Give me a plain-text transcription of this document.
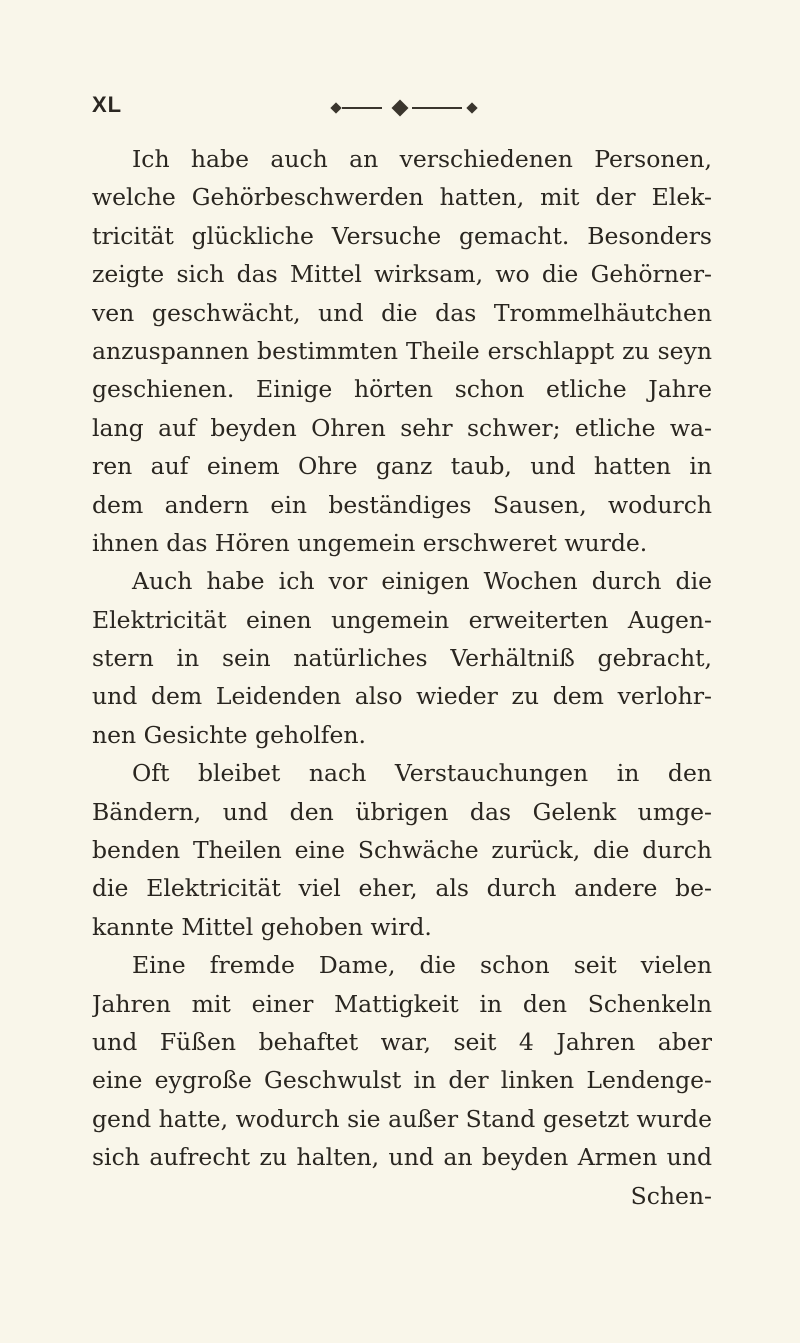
XL
Ich habe auch an verschiedenen Personen,
welche Gehörbeschwerden hatten, mit der Elek-
tricität glückliche Versuche gemacht. Besonders
zeigte sich das Mittel wirksam, wo die Gehörner-
ven geschwächt, und die das Trommelhäutchen
anzuspannen bestimmten Theile erschlappt zu seyn
geschienen. Einige hörten schon etliche Jahre
lang auf beyden Ohren sehr schwer; etliche wa-
ren auf einem Ohre ganz taub, und hatten in
dem andern ein beständiges Sausen, wodurch
ihnen das Hören ungemein erschweret wurde.
Auch habe ich vor einigen Wochen durch die
Elektricität einen ungemein erweiterten Augen-
stern in sein natürliches Verhältniß gebracht,
und dem Leidenden also wieder zu dem verlohr-
nen Gesichte geholfen.
Oft bleibet nach Verstauchungen in den
Bändern, und den übrigen das Gelenk umge-
benden Theilen eine Schwäche zurück, die durch
die Elektricität viel eher, als durch andere be-
kannte Mittel gehoben wird.
Eine fremde Dame, die schon seit vielen
Jahren mit einer Mattigkeit in den Schenkeln
und Füßen behaftet war, seit 4 Jahren aber
eine eygroße Geschwulst in der linken Lendenge-
gend hatte, wodurch sie außer Stand gesetzt wurde
sich aufrecht zu halten, und an beyden Armen und
Schen-
